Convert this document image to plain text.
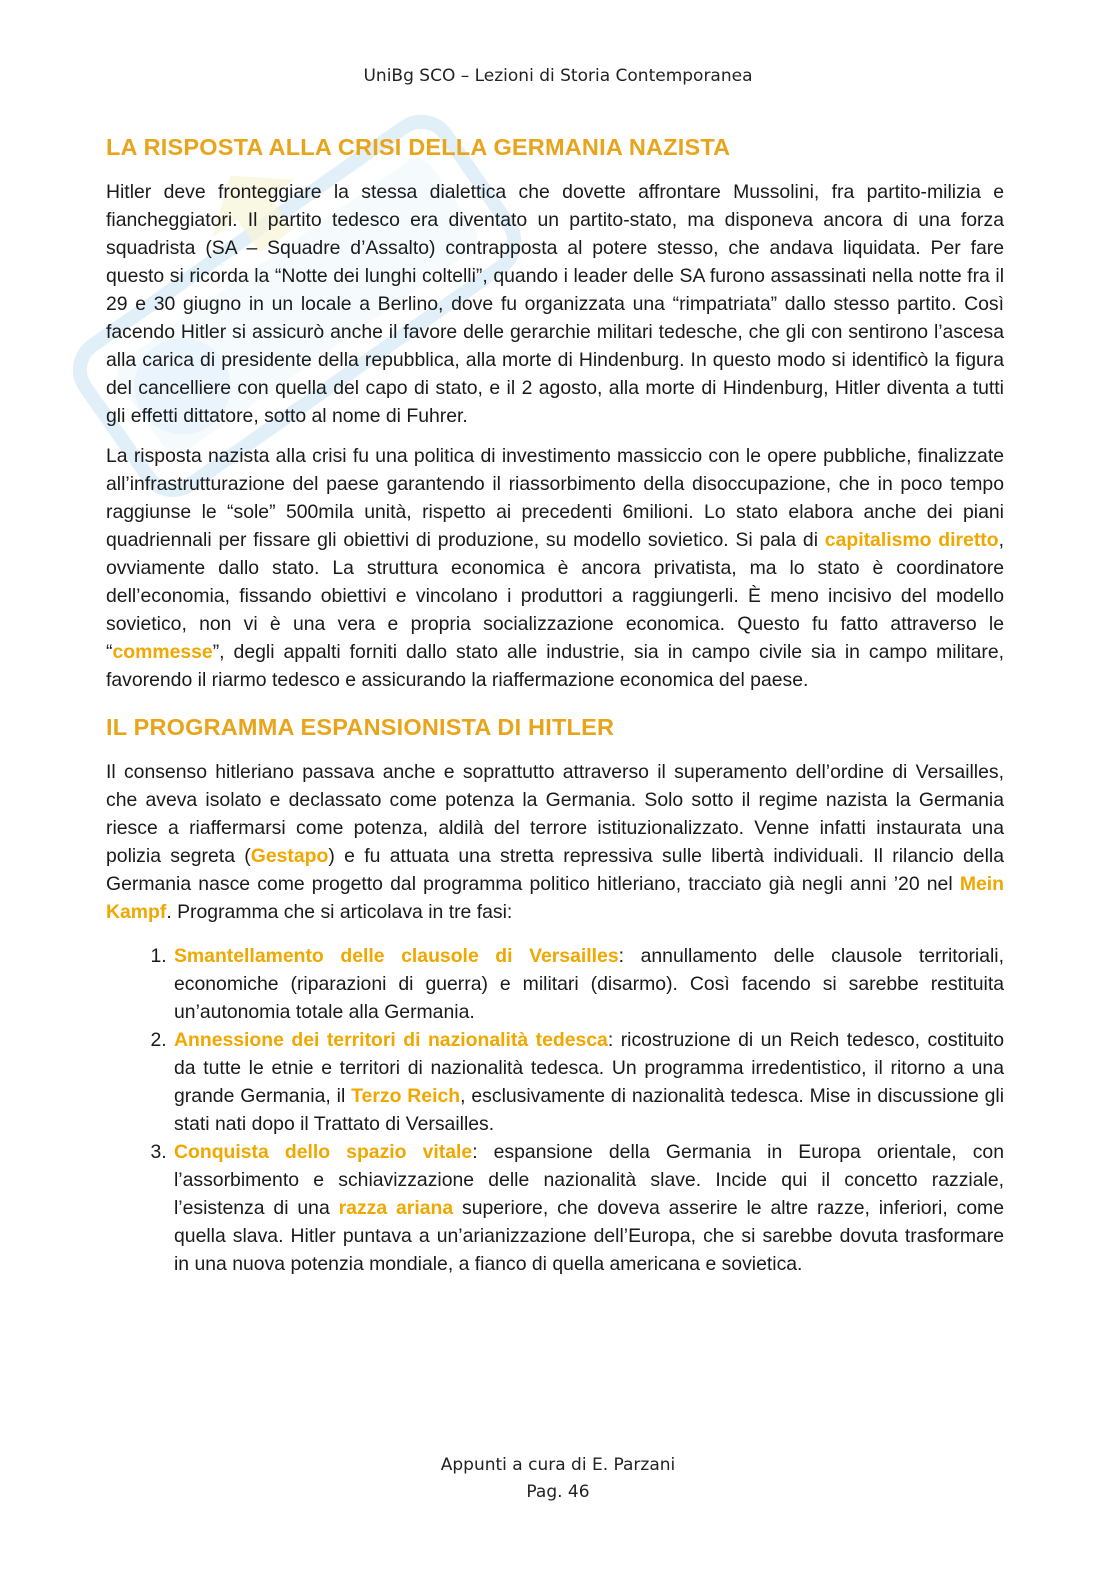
UniBg SCO – Lezioni di Storia Contemporanea
LA RISPOSTA ALLA CRISI DELLA GERMANIA NAZISTA

Hitler deve fronteggiare la stessa dialettica che dovette affrontare Mussolini, fra partito-milizia e fiancheggiatori. Il partito tedesco era diventato un partito-stato, ma disponeva ancora di una forza squadrista (SA – Squadre d’Assalto) contrapposta al potere stesso, che andava liquidata. Per fare questo si ricorda la “Notte dei lunghi coltelli”, quando i leader delle SA furono assassinati nella notte fra il 29 e 30 giugno in un locale a Berlino, dove fu organizzata una “rimpatriata” dallo stesso partito. Così facendo Hitler si assicurò anche il favore delle gerarchie militari tedesche, che gli con sentirono l’ascesa alla carica di presidente della repubblica, alla morte di Hindenburg. In questo modo si identificò la figura del cancelliere con quella del capo di stato, e il 2 agosto, alla morte di Hindenburg, Hitler diventa a tutti gli effetti dittatore, sotto al nome di Fuhrer.

La risposta nazista alla crisi fu una politica di investimento massiccio con le opere pubbliche, finalizzate all’infrastrutturazione del paese garantendo il riassorbimento della disoccupazione, che in poco tempo raggiunse le “sole” 500mila unità, rispetto ai precedenti 6milioni. Lo stato elabora anche dei piani quadriennali per fissare gli obiettivi di produzione, su modello sovietico. Si pala di capitalismo diretto, ovviamente dallo stato. La struttura economica è ancora privatista, ma lo stato è coordinatore dell’economia, fissando obiettivi e vincolano i produttori a raggiungerli. È meno incisivo del modello sovietico, non vi è una vera e propria socializzazione economica. Questo fu fatto attraverso le “commesse”, degli appalti forniti dallo stato alle industrie, sia in campo civile sia in campo militare, favorendo il riarmo tedesco e assicurando la riaffermazione economica del paese.

IL PROGRAMMA ESPANSIONISTA DI HITLER

Il consenso hitleriano passava anche e soprattutto attraverso il superamento dell’ordine di Versailles, che aveva isolato e declassato come potenza la Germania. Solo sotto il regime nazista la Germania riesce a riaffermarsi come potenza, aldilà del terrore istituzionalizzato. Venne infatti instaurata una polizia segreta (Gestapo) e fu attuata una stretta repressiva sulle libertà individuali. Il rilancio della Germania nasce come progetto dal programma politico hitleriano, tracciato già negli anni ’20 nel Mein Kampf. Programma che si articolava in tre fasi:

1. Smantellamento delle clausole di Versailles: annullamento delle clausole territoriali, economiche (riparazioni di guerra) e militari (disarmo). Così facendo si sarebbe restituita un’autonomia totale alla Germania.
2. Annessione dei territori di nazionalità tedesca: ricostruzione di un Reich tedesco, costituito da tutte le etnie e territori di nazionalità tedesca. Un programma irredentistico, il ritorno a una grande Germania, il Terzo Reich, esclusivamente di nazionalità tedesca. Mise in discussione gli stati nati dopo il Trattato di Versailles.
3. Conquista dello spazio vitale: espansione della Germania in Europa orientale, con l’assorbimento e schiavizzazione delle nazionalità slave. Incide qui il concetto razziale, l’esistenza di una razza ariana superiore, che doveva asserire le altre razze, inferiori, come quella slava. Hitler puntava a un’arianizzazione dell’Europa, che si sarebbe dovuta trasformare in una nuova potenzia mondiale, a fianco di quella americana e sovietica.
Appunti a cura di E. Parzani
Pag. 46
